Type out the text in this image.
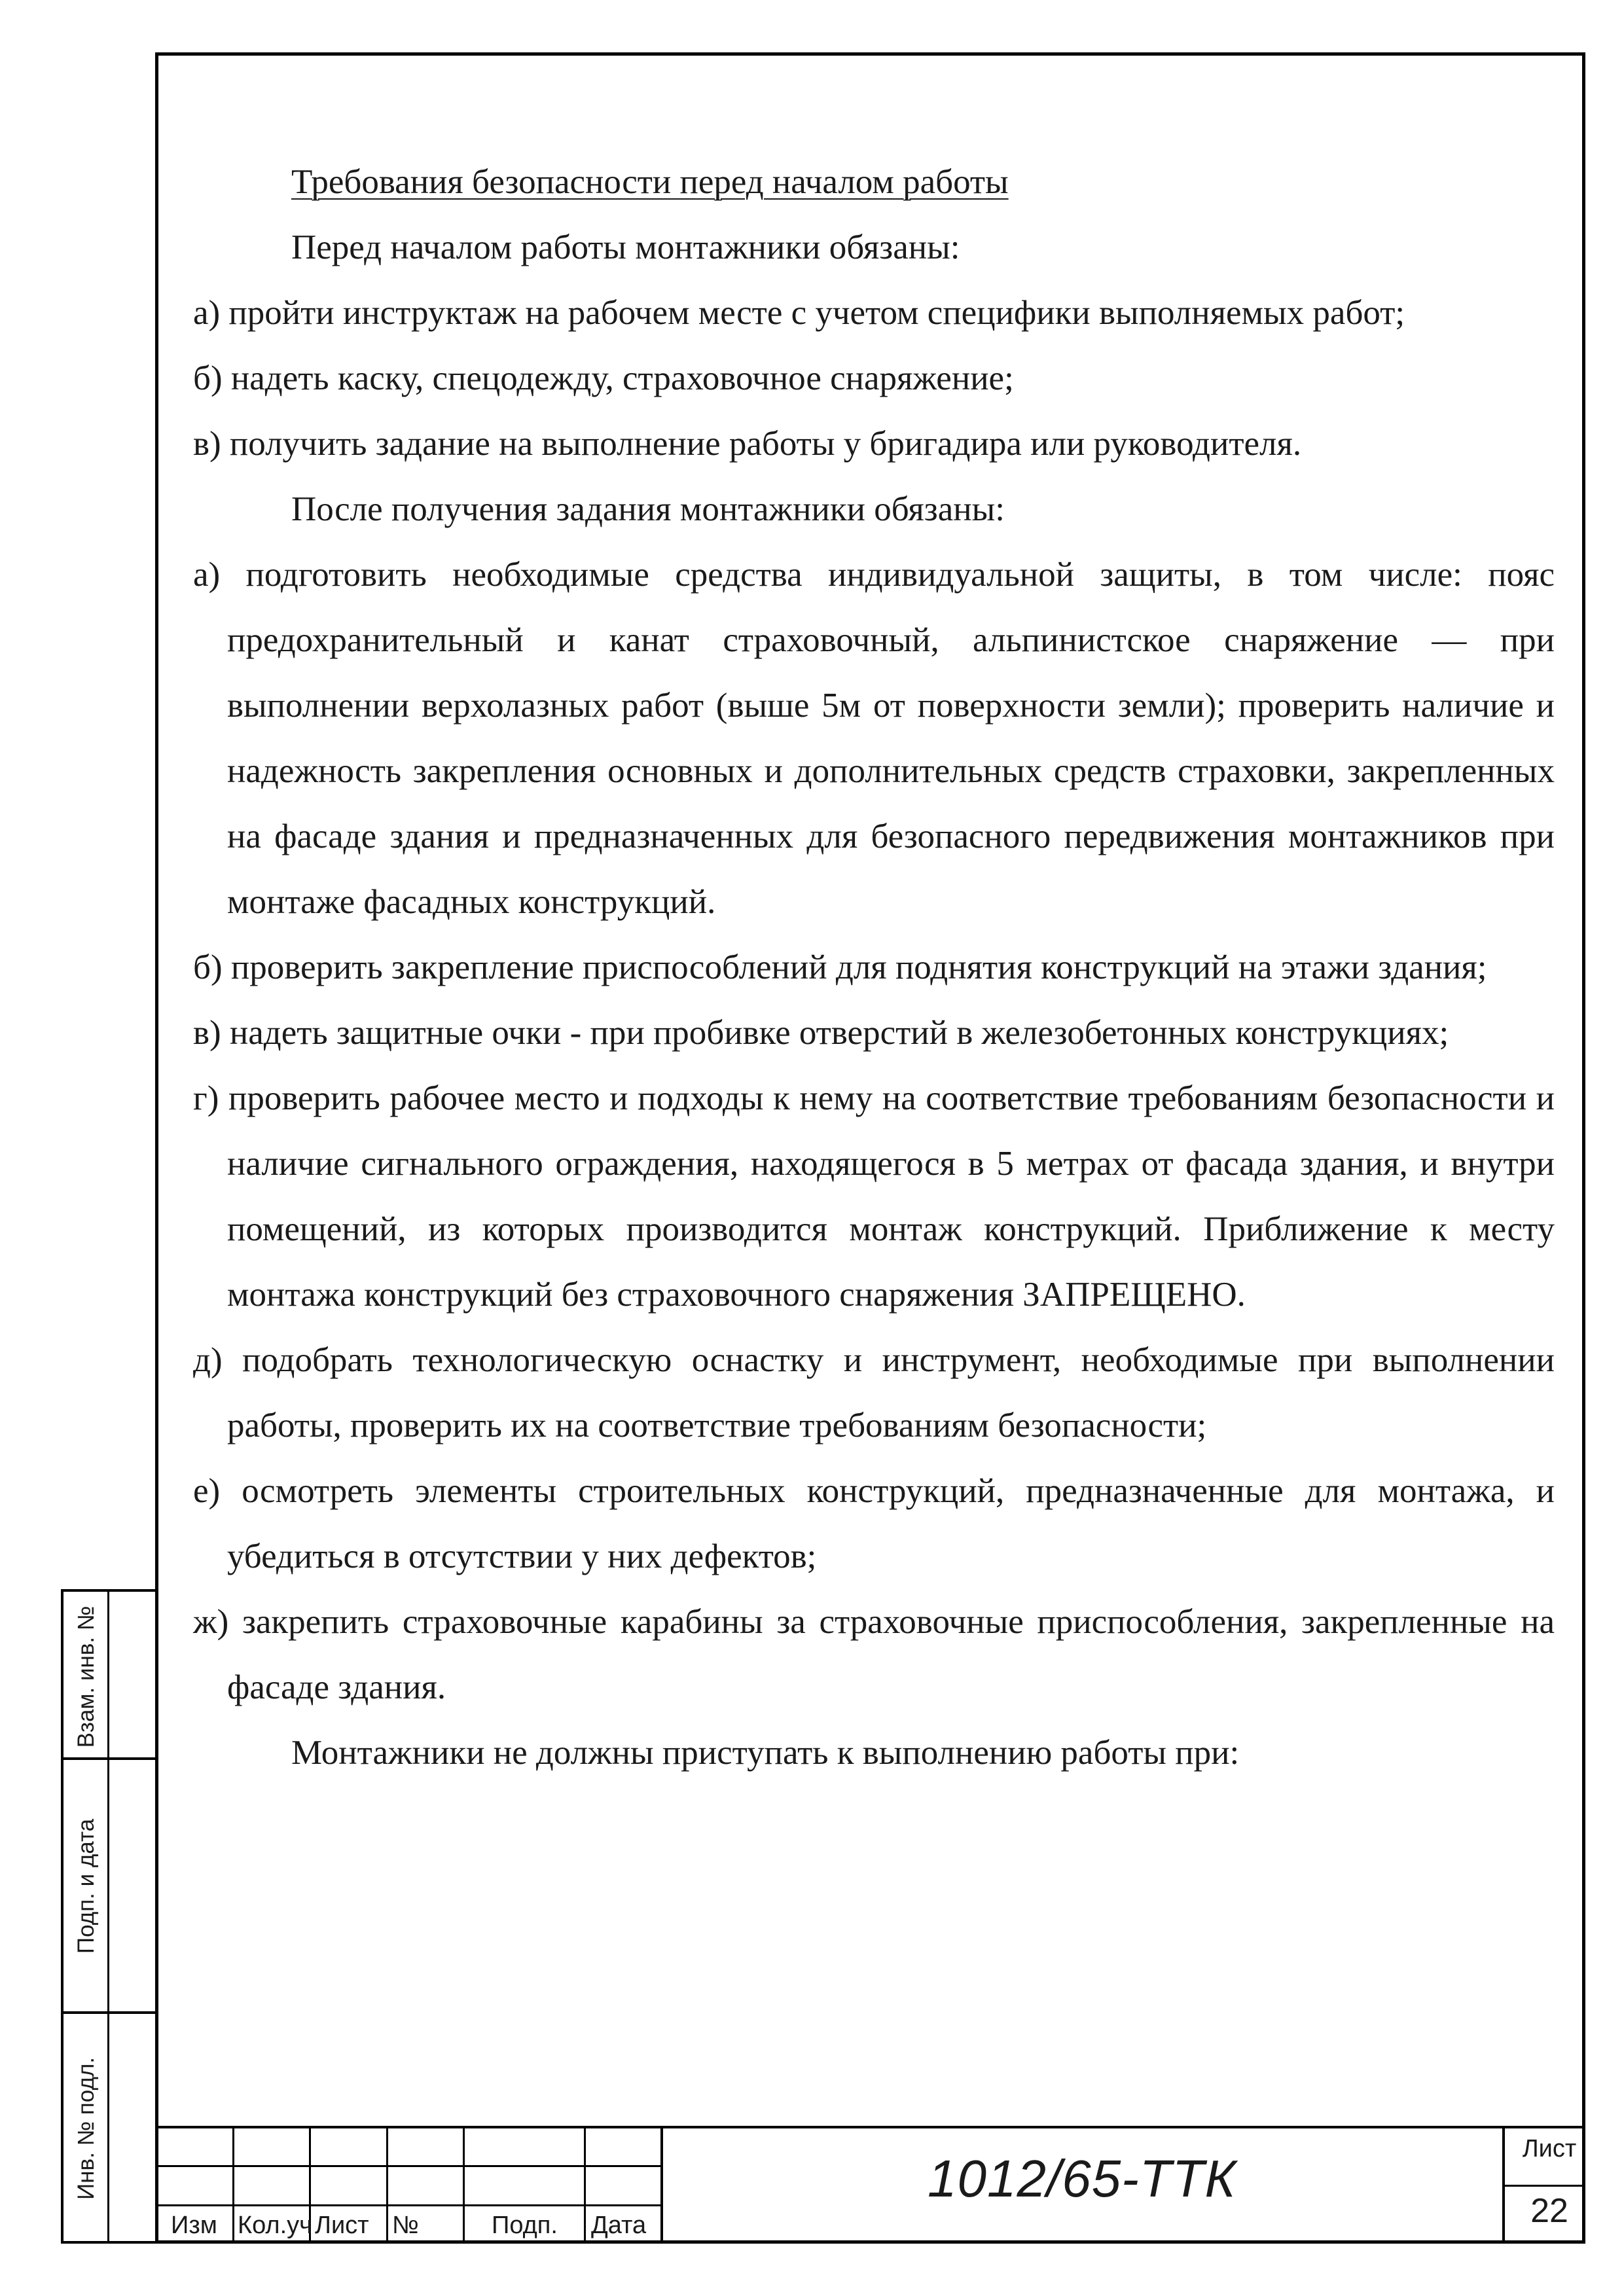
Требования безопасности перед началом работы

Перед началом работы монтажники обязаны:

а) пройти инструктаж на рабочем месте с учетом специфики выполняемых работ;

б) надеть каску, спецодежду, страховочное снаряжение;

в) получить задание на выполнение работы у бригадира или руководителя.

После получения задания монтажники обязаны:

а) подготовить необходимые средства индивидуальной защиты, в том числе: пояс предохранительный и канат страховочный, альпинистское снаряжение — при выполнении верхолазных работ (выше 5м от поверхности земли); проверить наличие и надежность закрепления основных и дополнительных средств страховки, закрепленных на фасаде здания и предназначенных для безопасного передвижения монтажников при монтаже фасадных конструкций.

б) проверить закрепление приспособлений для поднятия конструкций на этажи здания;

в) надеть защитные очки - при пробивке отверстий в железобетонных конструкциях;

г) проверить рабочее место и подходы к нему на соответствие требованиям безопасности и наличие сигнального ограждения, находящегося в 5 метрах от фасада здания, и внутри помещений, из которых производится монтаж конструкций. Приближение к месту монтажа конструкций без страховочного снаряжения ЗАПРЕЩЕНО.

д) подобрать технологическую оснастку и инструмент, необходимые при выполнении работы, проверить их на соответствие требованиям безопасности;

е) осмотреть элементы строительных конструкций, предназначенные для монтажа, и убедиться в отсутствии у них дефектов;

ж) закрепить страховочные карабины за страховочные приспособления, закрепленные на фасаде здания.

Монтажники не должны приступать к выполнению работы при:

Взам. инв. №
Подп. и дата
Инв. № подл.
Изм Кол.уч Лист №	Подп. Дата
1012/65-ТТК
Лист
22
